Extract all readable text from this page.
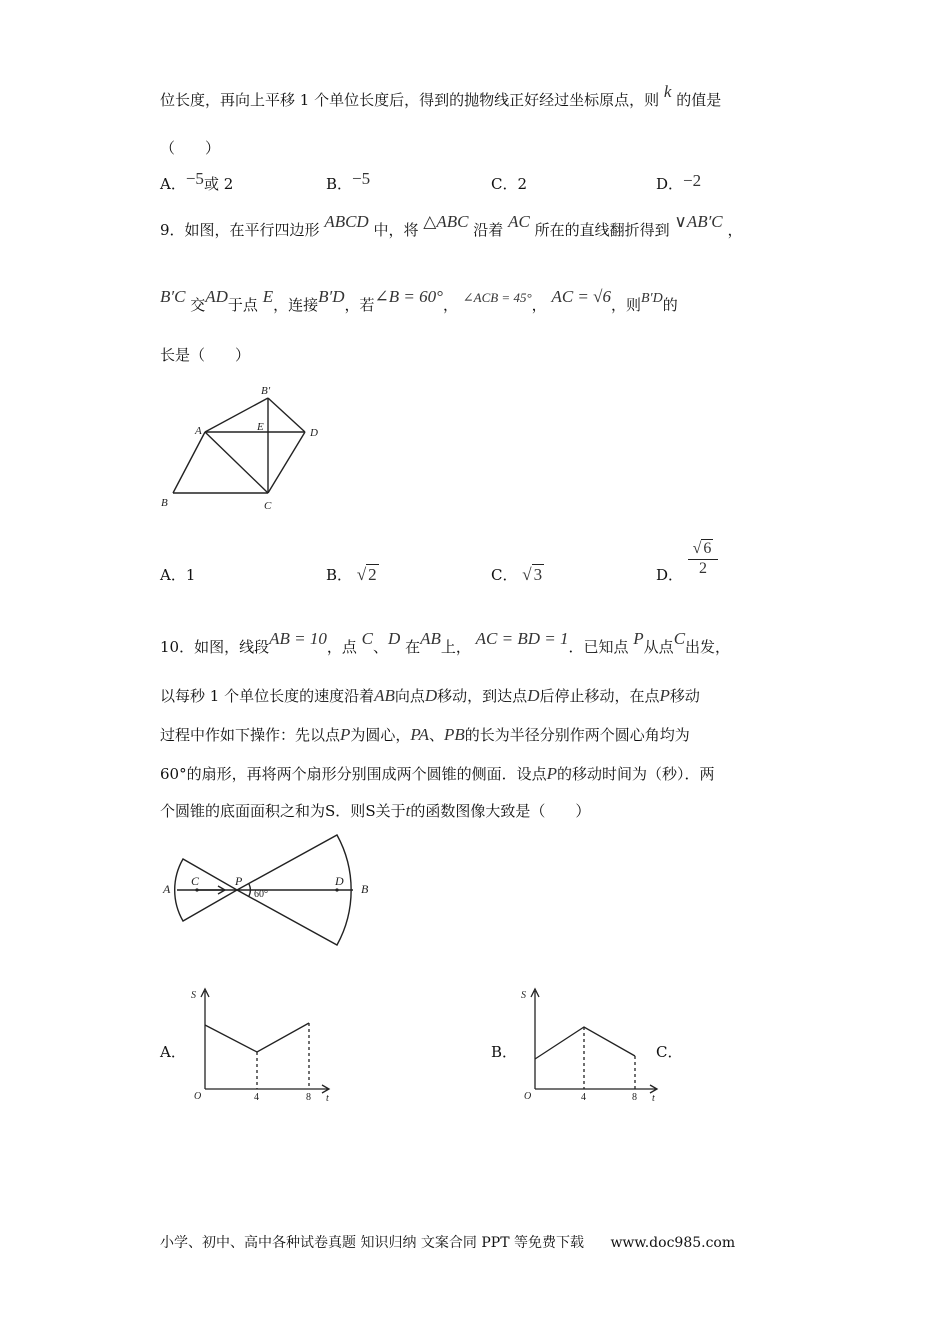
位长度，再向上平移 1 个单位长度后，得到的抛物线正好经过坐标原点，则 k 的值是
（　　）
A．−5或 2	B．−5	C．2	D．−2
9．如图，在平行四边形 ABCD 中，将 △ABC 沿着 AC 所在的直线翻折得到 ∨AB′C ，
B′C 交AD于点 E，连接B′D，若∠B = 60°， ∠ACB = 45°， AC = √6，则B′D的
长是（　　）
A
B	C
D
E
B′
A．1	B． √ 2	C． √ 3	D．
√ 6
2
10．如图，线段AB = 10，点 C、D 在AB上， AC = BD = 1．已知点 P从点C出发，
以每秒 1 个单位长度的速度沿着AB向点D移动，到达点D后停止移动，在点P移动
过程中作如下操作：先以点P为圆心，PA、PB的长为半径分别作两个圆心角均为
60°的扇形，再将两个扇形分别围成两个圆锥的侧面．设点P的移动时间为（秒）．两
个圆锥的底面面积之和为S．则S关于t的函数图像大致是（　　）
A
C	P
60°
D
B
A．
S
O	4	8 t
B．
S
O	4	8 t
C．
小学、初中、高中各种试卷真题 知识归纳 文案合同 PPT 等免费下载 www.doc985.com
